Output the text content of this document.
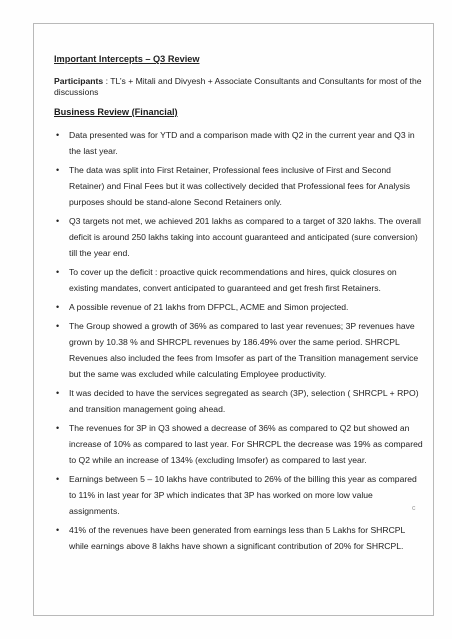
Important Intercepts – Q3 Review

Participants : TL’s + Mitali and Divyesh + Associate Consultants and Consultants for most of the discussions
Business Review (Financial)
• Data presented was for YTD and a comparison made with Q2 in the current year and Q3 in the last year.
• The data was split into First Retainer, Professional fees inclusive of First and Second Retainer) and Final Fees but it was collectively decided that Professional fees for Analysis purposes should be stand-alone Second Retainers only.
• Q3 targets not met, we achieved 201 lakhs as compared to a target of 320 lakhs. The overall deficit is around 250 lakhs taking into account guaranteed and anticipated (sure conversion) till the year end.
• To cover up the deficit : proactive quick recommendations and hires, quick closures on existing mandates, convert anticipated to guaranteed and get fresh first Retainers.
• A possible revenue of 21 lakhs from DFPCL, ACME and Simon projected.
• The Group showed a growth of 36% as compared to last year revenues; 3P revenues have grown by 10.38 % and SHRCPL revenues by 186.49% over the same period. SHRCPL Revenues also included the fees from Imsofer as part of the Transition management service but the same was excluded while calculating Employee productivity.
• It was decided to have the services segregated as search (3P), selection ( SHRCPL + RPO) and transition management going ahead.
• The revenues for 3P in Q3 showed a decrease of 36% as compared to Q2 but showed an increase of 10% as compared to last year. For SHRCPL the decrease was 19% as compared to Q2 while an increase of 134% (excluding Imsofer) as compared to last year.
• Earnings between 5 – 10 lakhs have contributed to 26% of the billing this year as compared to 11% in last year for 3P which indicates that 3P has worked on more low value assignments.
• 41% of the revenues have been generated from earnings less than 5 Lakhs for SHRCPL while earnings above 8 lakhs have shown a significant contribution of 20% for SHRCPL.
c
